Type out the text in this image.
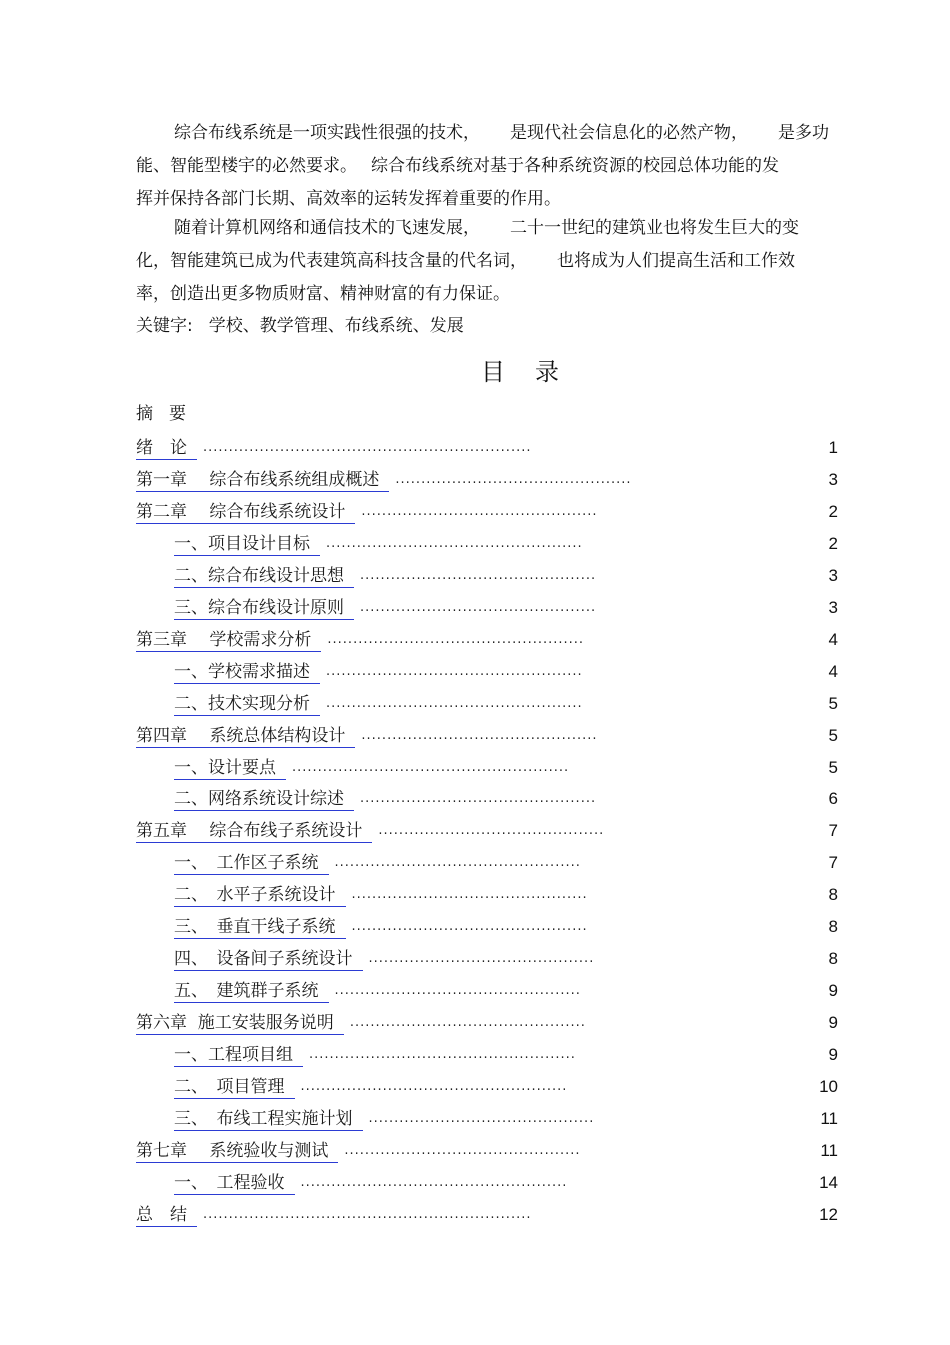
综合布线系统是一项实践性很强的技术， 是现代社会信息化的必然产物， 是多功
能、智能型楼宇的必然要求。 综合布线系统对基于各种系统资源的校园总体功能的发
挥并保持各部门长期、高效率的运转发挥着重要的作用。

随着计算机网络和通信技术的飞速发展， 二十一世纪的建筑业也将发生巨大的变
化，智能建筑已成为代表建筑高科技含量的代名词， 也将成为人们提高生活和工作效
率，创造出更多物质财富、精神财富的有力保证。

关键字: 学校、教学管理、布线系统、发展
目录
摘要
绪　论 ................................................................	1
第一章　 综合布线系统组成概述 ..............................................	3
第二章　 综合布线系统设计 ..............................................	2
一、项目设计目标 ..................................................	2
二、综合布线设计思想 ..............................................	3
三、综合布线设计原则 ..............................................	3
第三章　 学校需求分析 ..................................................	4
一、学校需求描述 ..................................................	4
二、技术实现分析 ..................................................	5
第四章　 系统总体结构设计 ..............................................	5
一、设计要点 ......................................................	5
二、网络系统设计综述 ..............................................	6
第五章　 综合布线子系统设计 ............................................	7
一、　工作区子系统 ................................................	7
二、　水平子系统设计 ..............................................	8
三、　垂直干线子系统 ..............................................	8
四、　设备间子系统设计 ............................................	8
五、　建筑群子系统 ................................................	9
第六章  施工安装服务说明 ..............................................	9
一、工程项目组 ....................................................	9
二、　项目管理 ....................................................	10
三、　布线工程实施计划 ............................................	11
第七章　 系统验收与测试 ..............................................	11
一、　工程验收 ....................................................	14
总　结 ................................................................	12
